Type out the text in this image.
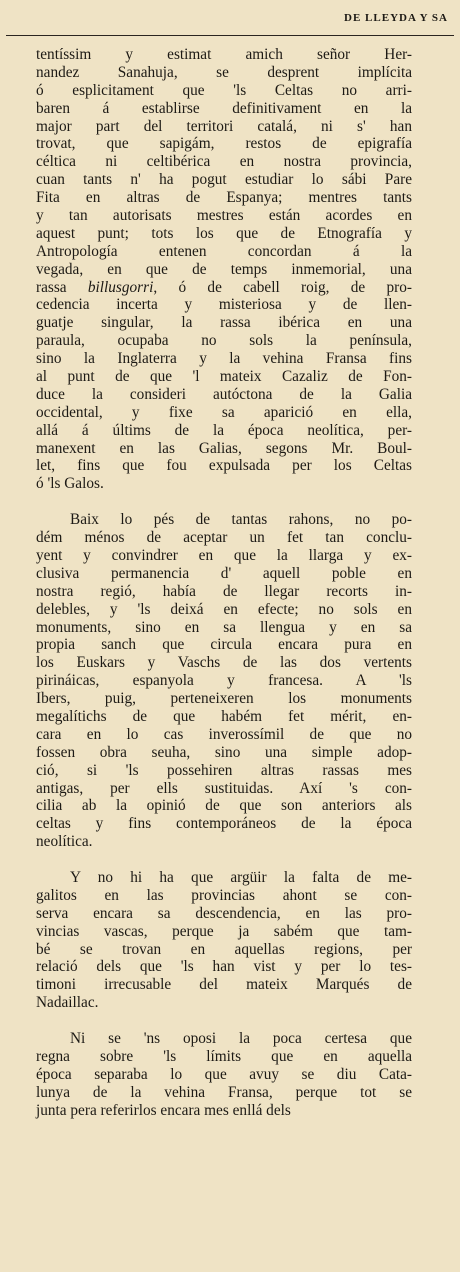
DE LLEYDA Y SA
tentíssim y estimat amich señor Her-
nandez Sanahuja, se desprent implícita
ó esplicitament que 'ls Celtas no arri-
baren á establirse definitivament en la
major part del territori catalá, ni s' han
trovat, que sapigám, restos de epigrafía
céltica ni celtibérica en nostra provincia,
cuan tants n' ha pogut estudiar lo sábi Pare
Fita en altras de Espanya; mentres tants
y tan autorisats mestres están acordes en
aquest punt; tots los que de Etnografía y
Antropología entenen concordan á la
vegada, en que de temps inmemorial, una
rassa billusgorri, ó de cabell roig, de pro-
cedencia incerta y misteriosa y de llen-
guatje singular, la rassa ibérica en una
paraula, ocupaba no sols la península,
sino la Inglaterra y la vehina Fransa fins
al punt de que 'l mateix Cazaliz de Fon-
duce la consideri autóctona de la Galia
occidental, y fixe sa aparició en ella,
allá á últims de la época neolítica, per-
manexent en las Galias, segons Mr. Boul-
let, fins que fou expulsada per los Celtas
ó 'ls Galos.
Baix lo pés de tantas rahons, no po-
dém ménos de aceptar un fet tan conclu-
yent y convindrer en que la llarga y ex-
clusiva permanencia d' aquell poble en
nostra regió, había de llegar recorts in-
delebles, y 'ls deixá en efecte; no sols en
monuments, sino en sa llengua y en sa
propia sanch que circula encara pura en
los Euskars y Vaschs de las dos vertents
pirináicas, espanyola y francesa. A 'ls
Ibers, puig, perteneixeren los monuments
megalítichs de que habém fet mérit, en-
cara en lo cas inverossímil de que no
fossen obra seuha, sino una simple adop-
ció, si 'ls possehiren altras rassas mes
antigas, per ells sustituidas. Axí 's con-
cilia ab la opinió de que son anteriors als
celtas y fins contemporáneos de la época
neolítica.
Y no hi ha que argüir la falta de me-
galitos en las provincias ahont se con-
serva encara sa descendencia, en las pro-
vincias vascas, perque ja sabém que tam-
bé se trovan en aquellas regions, per
relació dels que 'ls han vist y per lo tes-
timoni irrecusable del mateix Marqués de
Nadaillac.
Ni se 'ns oposi la poca certesa que
regna sobre 'ls límits que en aquella
época separaba lo que avuy se diu Cata-
lunya de la vehina Fransa, perque tot se
junta pera referirlos encara mes enllá dels
